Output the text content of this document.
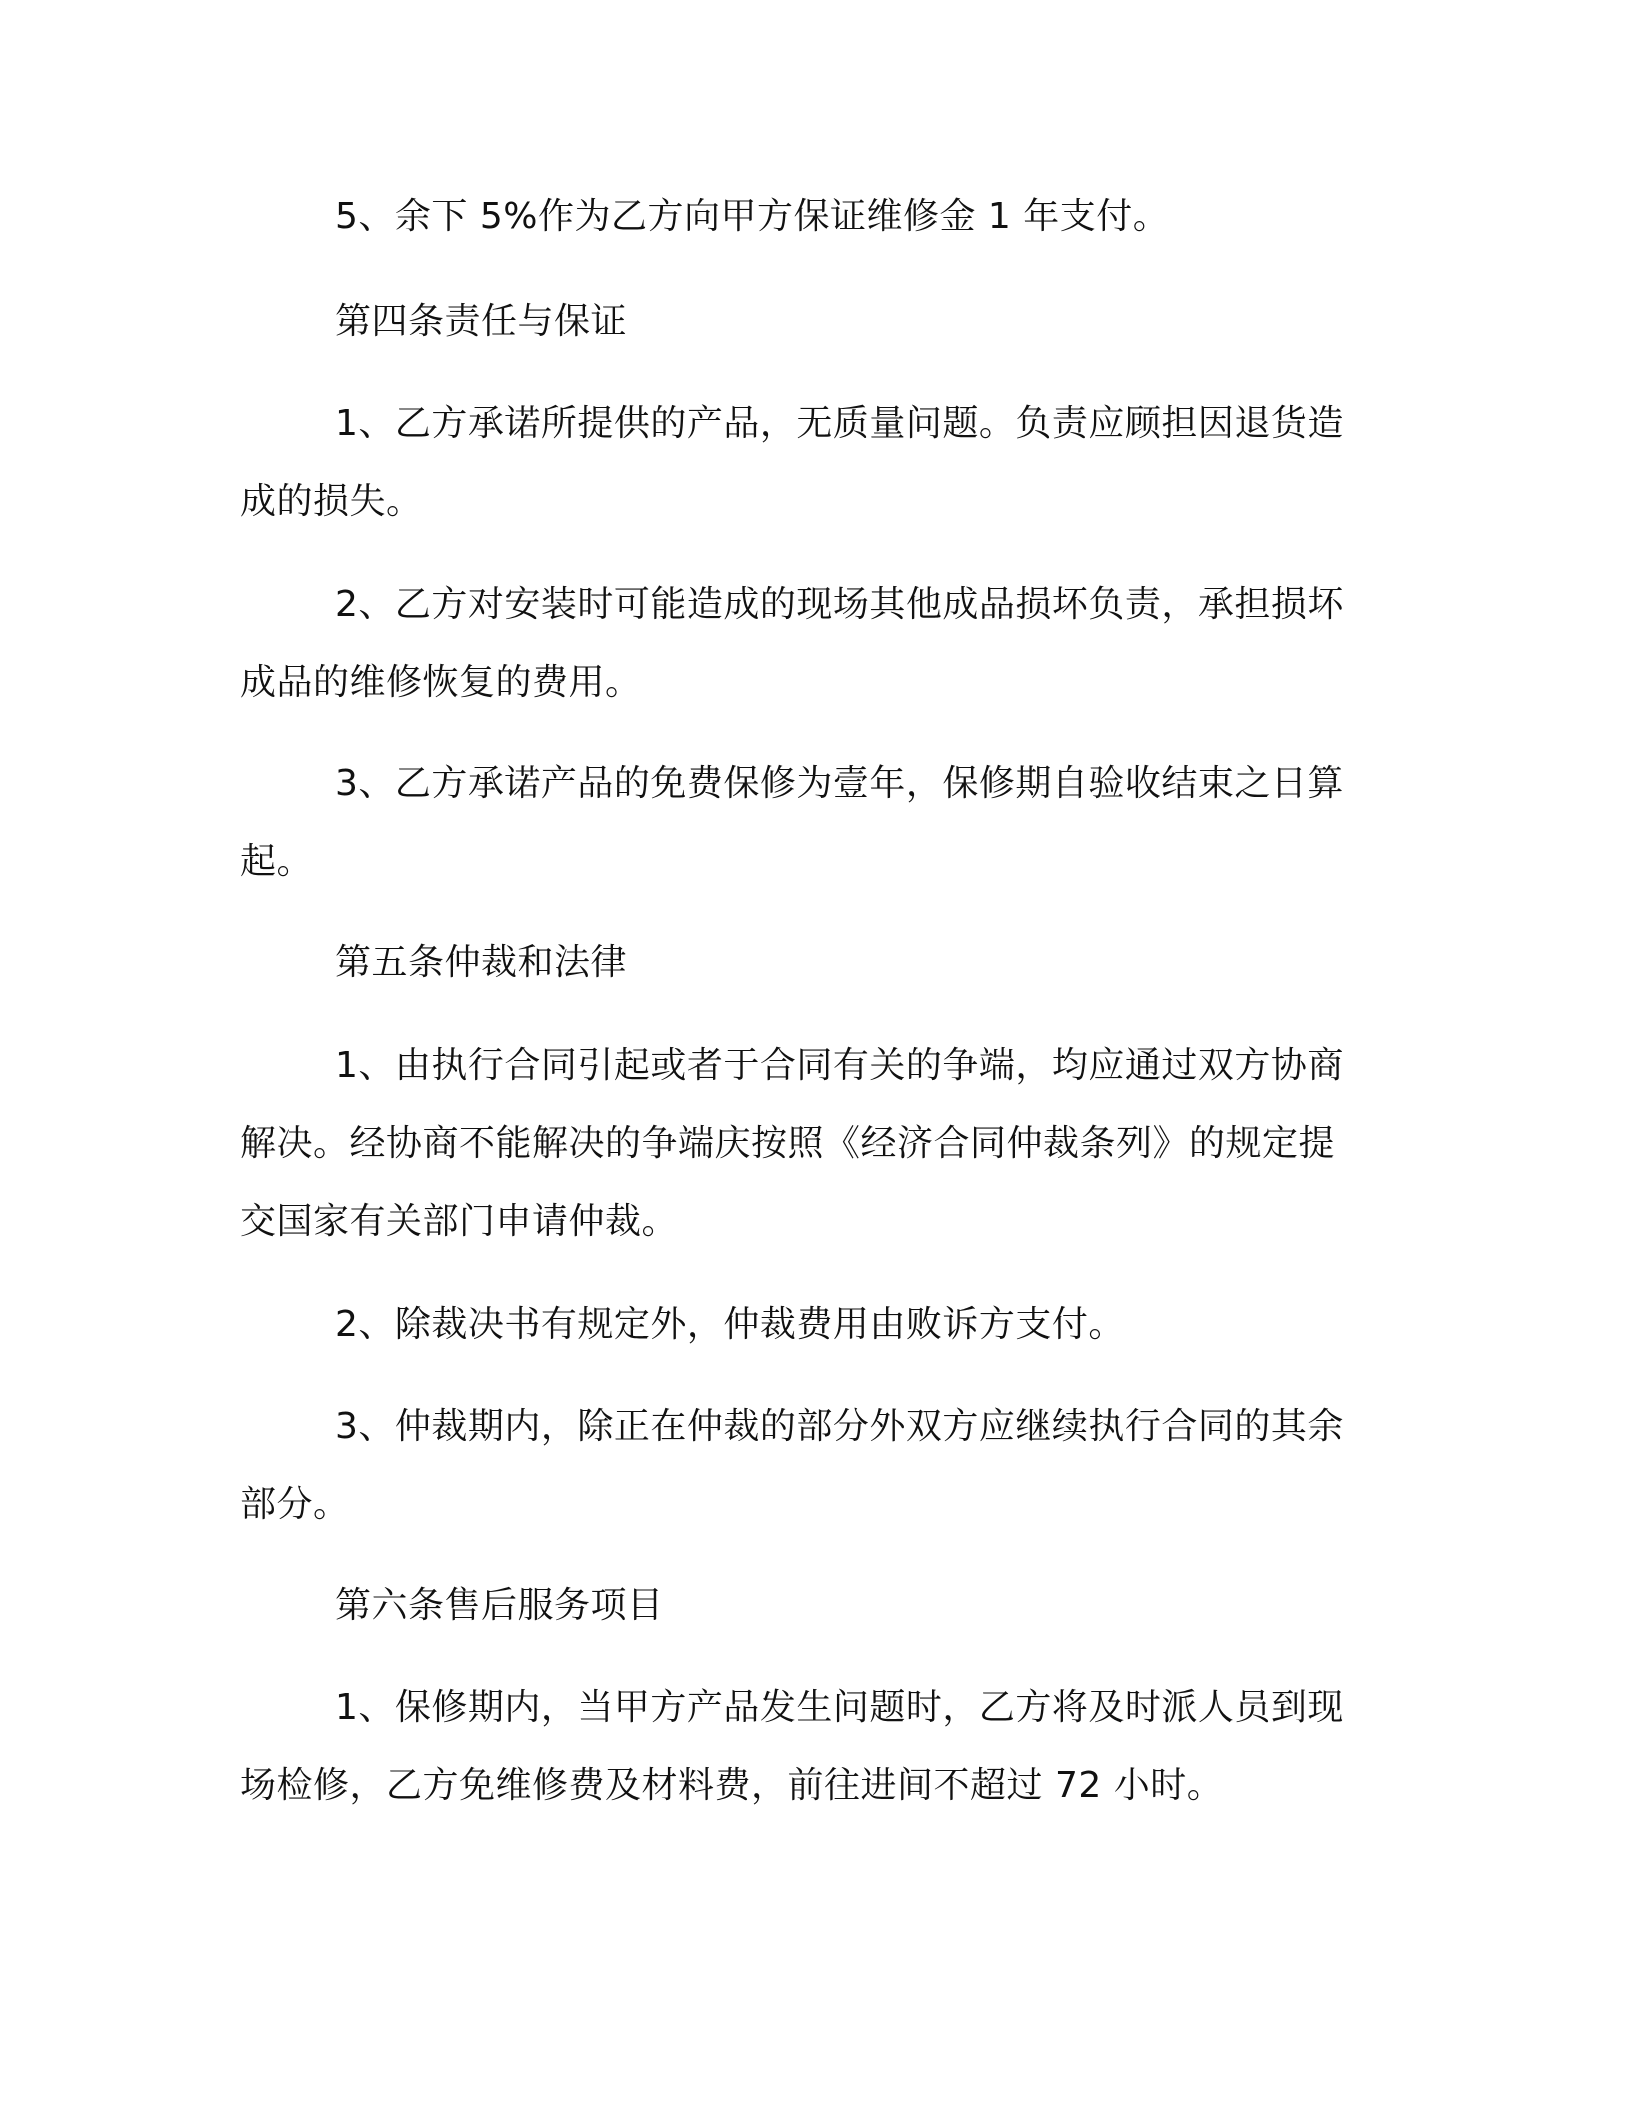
5、余下 5%作为乙方向甲方保证维修金 1 年支付。
第四条责任与保证
1、乙方承诺所提供的产品，无质量问题。负责应顾担因退货造
成的损失。
2、乙方对安装时可能造成的现场其他成品损坏负责，承担损坏
成品的维修恢复的费用。
3、乙方承诺产品的免费保修为壹年，保修期自验收结束之日算
起。
第五条仲裁和法律
1、由执行合同引起或者于合同有关的争端，均应通过双方协商
解决。经协商不能解决的争端庆按照《经济合同仲裁条列》的规定提
交国家有关部门申请仲裁。
2、除裁决书有规定外，仲裁费用由败诉方支付。
3、仲裁期内，除正在仲裁的部分外双方应继续执行合同的其余
部分。
第六条售后服务项目
1、保修期内，当甲方产品发生问题时，乙方将及时派人员到现
场检修，乙方免维修费及材料费，前往进间不超过 72 小时。
